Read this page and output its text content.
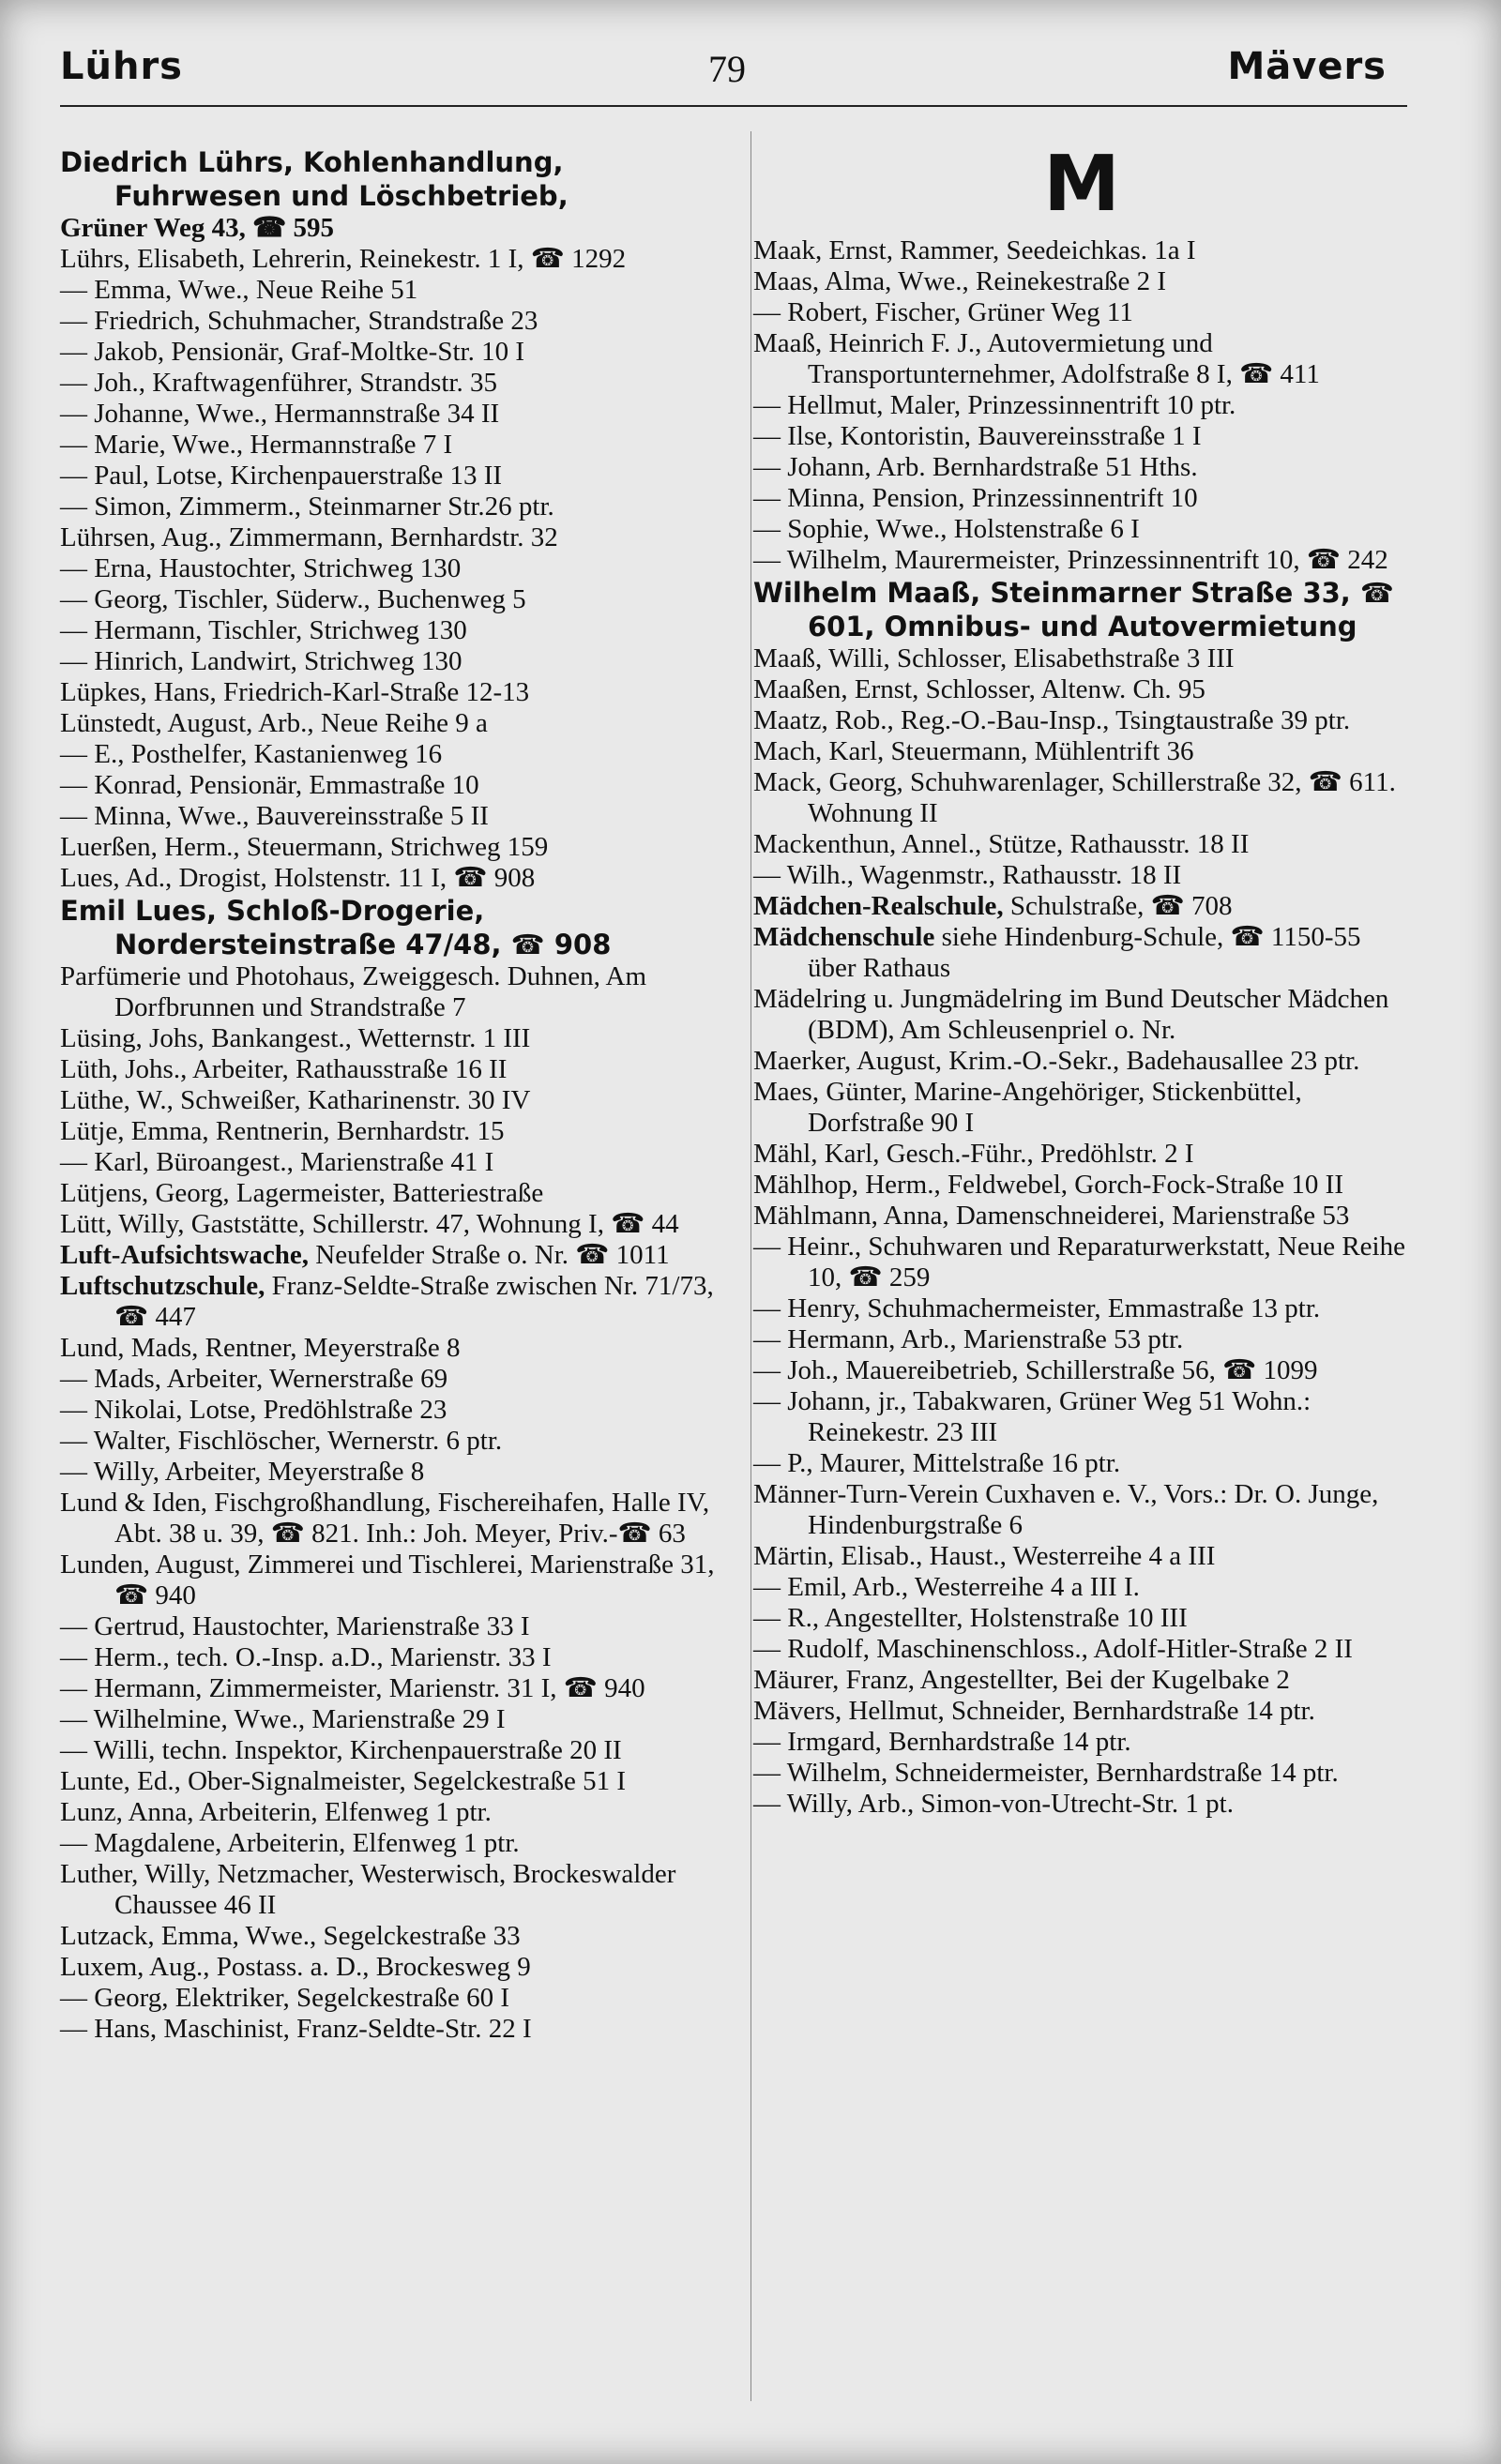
Lührs	79	Mävers

Diedrich Lührs, Kohlenhandlung, Fuhrwesen und Löschbetrieb,

Grüner Weg 43, ☎ 595

Lührs, Elisabeth, Lehrerin, Reinekestr. 1 I, ☎ 1292

— Emma, Wwe., Neue Reihe 51

— Friedrich, Schuhmacher, Strandstraße 23

— Jakob, Pensionär, Graf-Moltke-Str. 10 I

— Joh., Kraftwagenführer, Strandstr. 35

— Johanne, Wwe., Hermannstraße 34 II

— Marie, Wwe., Hermannstraße 7 I

— Paul, Lotse, Kirchenpauerstraße 13 II

— Simon, Zimmerm., Steinmarner Str.26 ptr.

Lührsen, Aug., Zimmermann, Bernhardstr. 32

— Erna, Haustochter, Strichweg 130

— Georg, Tischler, Süderw., Buchenweg 5

— Hermann, Tischler, Strichweg 130

— Hinrich, Landwirt, Strichweg 130

Lüpkes, Hans, Friedrich-Karl-Straße 12-13

Lünstedt, August, Arb., Neue Reihe 9 a

— E., Posthelfer, Kastanienweg 16

— Konrad, Pensionär, Emmastraße 10

— Minna, Wwe., Bauvereinsstraße 5 II

Luerßen, Herm., Steuermann, Strichweg 159

Lues, Ad., Drogist, Holstenstr. 11 I, ☎ 908

Emil Lues, Schloß-Drogerie, Nordersteinstraße 47/48, ☎ 908

Parfümerie und Photohaus, Zweiggesch. Duhnen, Am Dorfbrunnen und Strandstraße 7

Lüsing, Johs, Bankangest., Wetternstr. 1 III

Lüth, Johs., Arbeiter, Rathausstraße 16 II

Lüthe, W., Schweißer, Katharinenstr. 30 IV

Lütje, Emma, Rentnerin, Bernhardstr. 15

— Karl, Büroangest., Marienstraße 41 I

Lütjens, Georg, Lagermeister, Batteriestraße

Lütt, Willy, Gaststätte, Schillerstr. 47, Wohnung I, ☎ 44

Luft-Aufsichtswache, Neufelder Straße o. Nr. ☎ 1011

Luftschutzschule, Franz-Seldte-Straße zwischen Nr. 71/73, ☎ 447

Lund, Mads, Rentner, Meyerstraße 8

— Mads, Arbeiter, Wernerstraße 69

— Nikolai, Lotse, Predöhlstraße 23

— Walter, Fischlöscher, Wernerstr. 6 ptr.

— Willy, Arbeiter, Meyerstraße 8

Lund & Iden, Fischgroßhandlung, Fischereihafen, Halle IV, Abt. 38 u. 39, ☎ 821. Inh.: Joh. Meyer, Priv.-☎ 63

Lunden, August, Zimmerei und Tischlerei, Marienstraße 31, ☎ 940

— Gertrud, Haustochter, Marienstraße 33 I

— Herm., tech. O.-Insp. a.D., Marienstr. 33 I

— Hermann, Zimmermeister, Marienstr. 31 I, ☎ 940

— Wilhelmine, Wwe., Marienstraße 29 I

— Willi, techn. Inspektor, Kirchenpauerstraße 20 II

Lunte, Ed., Ober-Signalmeister, Segelckestraße 51 I

Lunz, Anna, Arbeiterin, Elfenweg 1 ptr.

— Magdalene, Arbeiterin, Elfenweg 1 ptr.

Luther, Willy, Netzmacher, Westerwisch, Brockeswalder Chaussee 46 II

Lutzack, Emma, Wwe., Segelckestraße 33

Luxem, Aug., Postass. a. D., Brockesweg 9

— Georg, Elektriker, Segelckestraße 60 I

— Hans, Maschinist, Franz-Seldte-Str. 22 I

M

Maak, Ernst, Rammer, Seedeichkas. 1a I

Maas, Alma, Wwe., Reinekestraße 2 I

— Robert, Fischer, Grüner Weg 11

Maaß, Heinrich F. J., Autovermietung und Transportunternehmer, Adolfstraße 8 I, ☎ 411

— Hellmut, Maler, Prinzessinnentrift 10 ptr.

— Ilse, Kontoristin, Bauvereinsstraße 1 I

— Johann, Arb. Bernhardstraße 51 Hths.

— Minna, Pension, Prinzessinnentrift 10

— Sophie, Wwe., Holstenstraße 6 I

— Wilhelm, Maurermeister, Prinzessinnentrift 10, ☎ 242

Wilhelm Maaß, Steinmarner Straße 33, ☎ 601, Omnibus- und Autovermietung

Maaß, Willi, Schlosser, Elisabethstraße 3 III

Maaßen, Ernst, Schlosser, Altenw. Ch. 95

Maatz, Rob., Reg.-O.-Bau-Insp., Tsingtaustraße 39 ptr.

Mach, Karl, Steuermann, Mühlentrift 36

Mack, Georg, Schuhwarenlager, Schillerstraße 32, ☎ 611. Wohnung II

Mackenthun, Annel., Stütze, Rathausstr. 18 II

— Wilh., Wagenmstr., Rathausstr. 18 II

Mädchen-Realschule, Schulstraße, ☎ 708

Mädchenschule siehe Hindenburg-Schule, ☎ 1150-55 über Rathaus

Mädelring u. Jungmädelring im Bund Deutscher Mädchen (BDM), Am Schleusenpriel o. Nr.

Maerker, August, Krim.-O.-Sekr., Badehausallee 23 ptr.

Maes, Günter, Marine-Angehöriger, Stickenbüttel, Dorfstraße 90 I

Mähl, Karl, Gesch.-Führ., Predöhlstr. 2 I

Mählhop, Herm., Feldwebel, Gorch-Fock-Straße 10 II

Mählmann, Anna, Damenschneiderei, Marienstraße 53

— Heinr., Schuhwaren und Reparaturwerkstatt, Neue Reihe 10, ☎ 259

— Henry, Schuhmachermeister, Emmastraße 13 ptr.

— Hermann, Arb., Marienstraße 53 ptr.

— Joh., Mauereibetrieb, Schillerstraße 56, ☎ 1099

— Johann, jr., Tabakwaren, Grüner Weg 51 Wohn.: Reinekestr. 23 III

— P., Maurer, Mittelstraße 16 ptr.

Männer-Turn-Verein Cuxhaven e. V., Vors.: Dr. O. Junge, Hindenburgstraße 6

Märtin, Elisab., Haust., Westerreihe 4 a III

— Emil, Arb., Westerreihe 4 a III I.

— R., Angestellter, Holstenstraße 10 III

— Rudolf, Maschinenschloss., Adolf-Hitler-Straße 2 II

Mäurer, Franz, Angestellter, Bei der Kugelbake 2

Mävers, Hellmut, Schneider, Bernhardstraße 14 ptr.

— Irmgard, Bernhardstraße 14 ptr.

— Wilhelm, Schneidermeister, Bernhardstraße 14 ptr.

— Willy, Arb., Simon-von-Utrecht-Str. 1 pt.
